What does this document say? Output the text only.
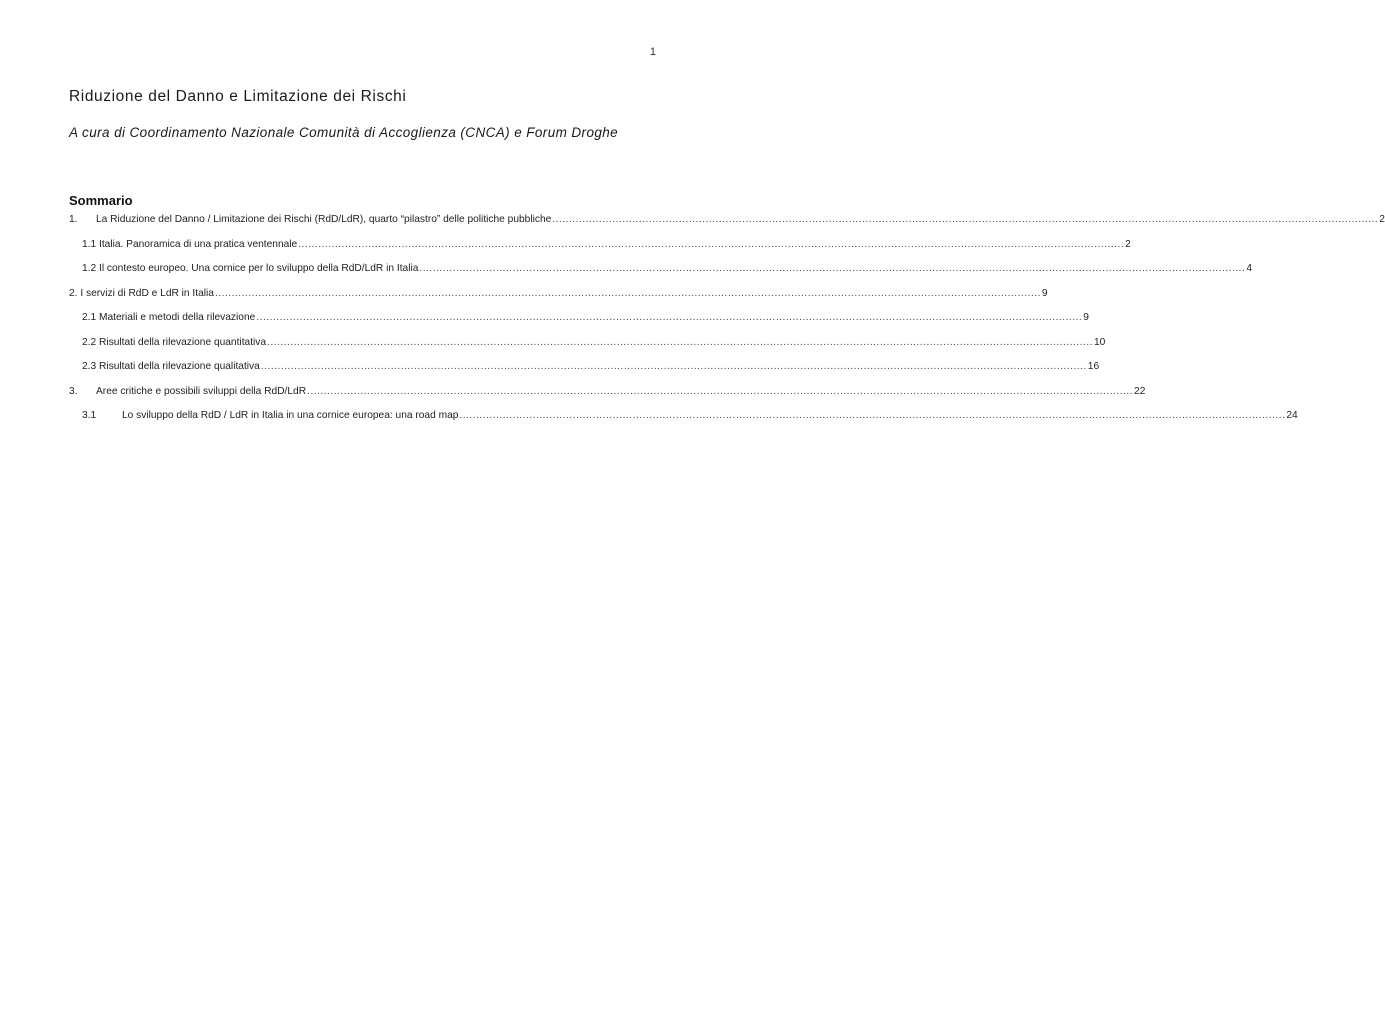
1
Riduzione del Danno e Limitazione dei Rischi
A cura di Coordinamento Nazionale Comunità di Accoglienza (CNCA) e Forum Droghe
Sommario
1.	La Riduzione del Danno / Limitazione dei Rischi (RdD/LdR), quarto “pilastro” delle politiche pubbliche .....	2
1.1 Italia. Panoramica di una pratica ventennale .....	2
1.2 Il contesto europeo. Una cornice per lo sviluppo della RdD/LdR in Italia .....	4
2. I servizi di RdD e LdR in Italia .....	9
2.1 Materiali e metodi della rilevazione .....	9
2.2 Risultati della rilevazione quantitativa .....	10
2.3 Risultati della rilevazione qualitativa .....	16
3.	Aree critiche e possibili sviluppi della RdD/LdR .....	22
3.1	Lo sviluppo della RdD / LdR in Italia in una cornice europea: una road map .....	24
